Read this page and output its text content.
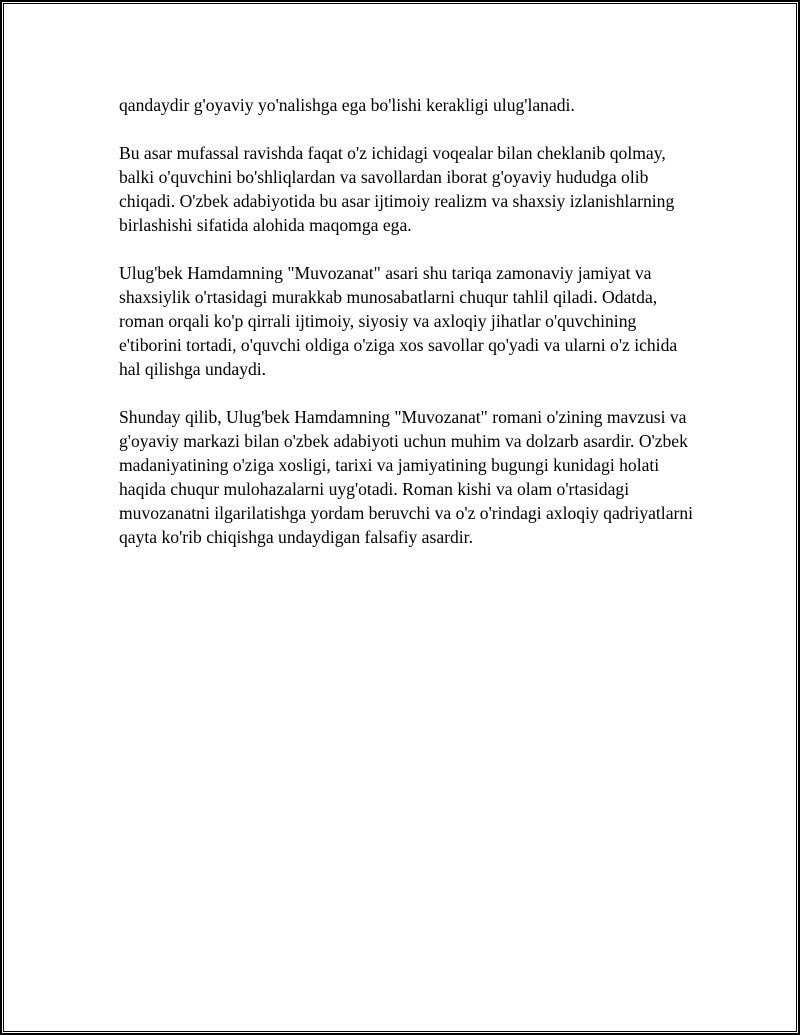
qandaydir g'oyaviy yo'nalishga ega bo'lishi kerakligi ulug'lanadi.

Bu asar mufassal ravishda faqat o'z ichidagi voqealar bilan cheklanib qolmay, balki o'quvchini bo'shliqlardan va savollardan iborat g'oyaviy hududga olib chiqadi. O'zbek adabiyotida bu asar ijtimoiy realizm va shaxsiy izlanishlarning birlashishi sifatida alohida maqomga ega.

Ulug'bek Hamdamning "Muvozanat" asari shu tariqa zamonaviy jamiyat va shaxsiylik o'rtasidagi murakkab munosabatlarni chuqur tahlil qiladi. Odatda, roman orqali ko'p qirrali ijtimoiy, siyosiy va axloqiy jihatlar o'quvchining e'tiborini tortadi, o'quvchi oldiga o'ziga xos savollar qo'yadi va ularni o'z ichida hal qilishga undaydi.

Shunday qilib, Ulug'bek Hamdamning "Muvozanat" romani o'zining mavzusi va g'oyaviy markazi bilan o'zbek adabiyoti uchun muhim va dolzarb asardir. O'zbek madaniyatining o'ziga xosligi, tarixi va jamiyatining bugungi kunidagi holati haqida chuqur mulohazalarni uyg'otadi. Roman kishi va olam o'rtasidagi muvozanatni ilgarilatishga yordam beruvchi va o'z o'rindagi axloqiy qadriyatlarni qayta ko'rib chiqishga undaydigan falsafiy asardir.
